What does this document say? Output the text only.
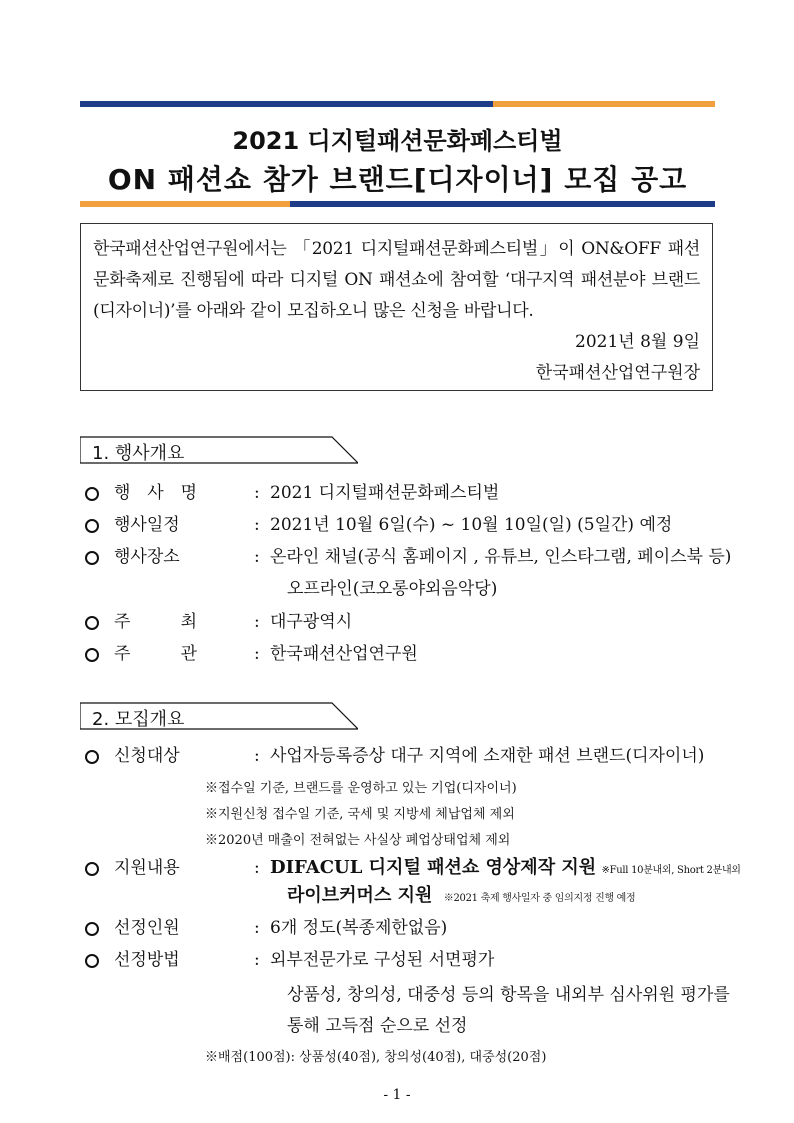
2021 디지털패션문화페스티벌
ON 패션쇼 참가 브랜드[디자이너] 모집 공고
한국패션산업연구원에서는 「2021 디지털패션문화페스티벌」이 ON&OFF 패션문화축제로 진행됨에 따라 디지털 ON 패션쇼에 참여할 ‘대구지역 패션분야 브랜드(디자이너)’를 아래와 같이 모집하오니 많은 신청을 바랍니다.
2021년 8월 9일
한국패션산업연구원장
1. 행사개요
행 사 명	: 2021 디지털패션문화페스티벌
행사일정	: 2021년 10월 6일(수) ~ 10월 10일(일) (5일간) 예정
행사장소	: 온라인 채널(공식 홈페이지 , 유튜브, 인스타그램, 페이스북 등)
오프라인(코오롱야외음악당)
주	최	: 대구광역시
주	관	: 한국패션산업연구원
2. 모집개요
신청대상	: 사업자등록증상 대구 지역에 소재한 패션 브랜드(디자이너)
※접수일 기준, 브랜드를 운영하고 있는 기업(디자이너)
※지원신청 접수일 기준, 국세 및 지방세 체납업체 제외
※2020년 매출이 전혀없는 사실상 폐업상태업체 제외
지원내용	: DIFACUL 디지털 패션쇼 영상제작 지원 ※Full 10분내외, Short 2분내외
라이브커머스 지원 ※2021 축제 행사일자 중 임의지정 진행 예정
선정인원	: 6개 정도(복종제한없음)
선정방법	: 외부전문가로 구성된 서면평가
상품성, 창의성, 대중성 등의 항목을 내외부 심사위원 평가를
통해 고득점 순으로 선정
※배점(100점): 상품성(40점), 창의성(40점), 대중성(20점)
- 1 -
